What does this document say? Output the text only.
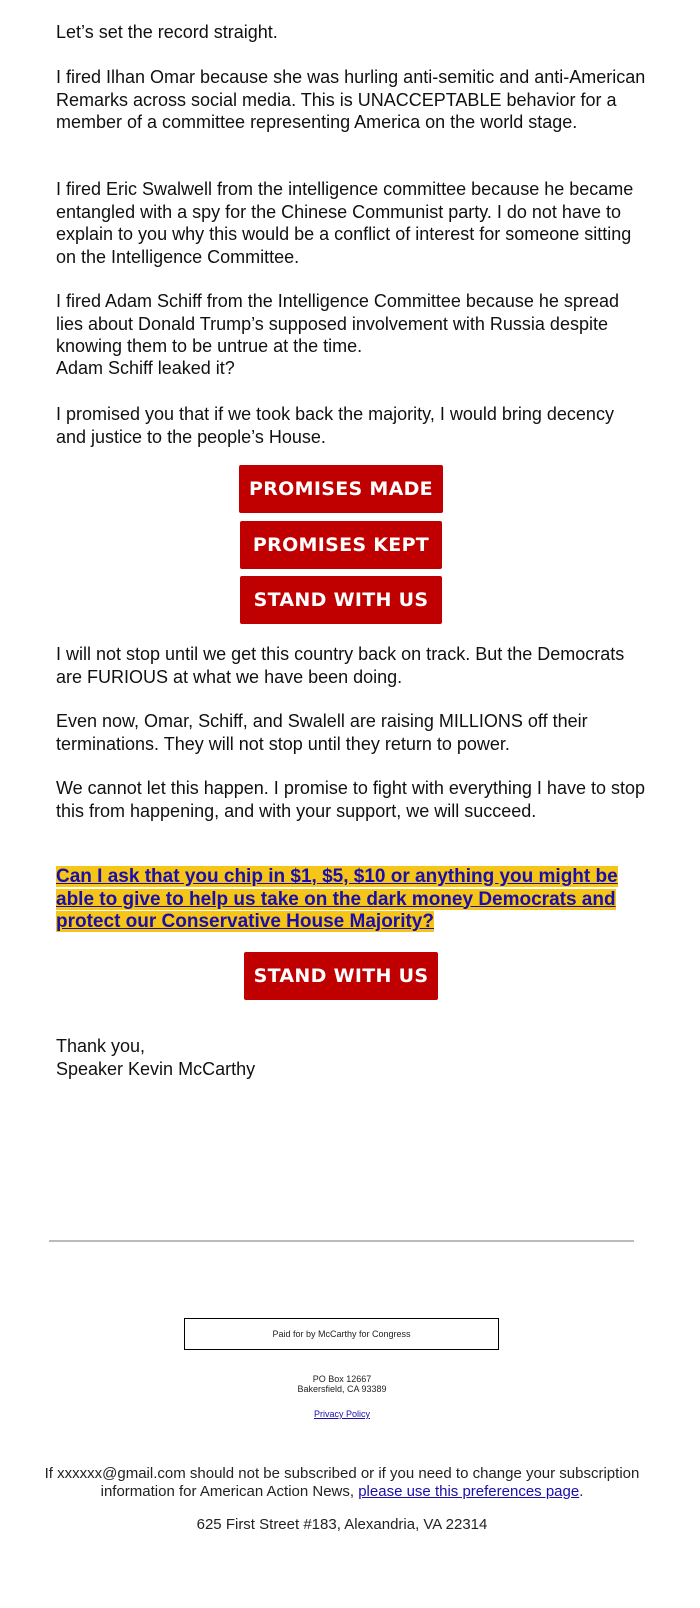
Let’s set the record straight.

I fired Ilhan Omar because she was hurling anti-semitic and anti-American Remarks across social media. This is UNACCEPTABLE behavior for a member of a committee representing America on the world stage.

I fired Eric Swalwell from the intelligence committee because he became entangled with a spy for the Chinese Communist party. I do not have to explain to you why this would be a conflict of interest for someone sitting on the Intelligence Committee.

I fired Adam Schiff from the Intelligence Committee because he spread lies about Donald Trump’s supposed involvement with Russia despite knowing them to be untrue at the time.

Adam Schiff leaked it?

I promised you that if we took back the majority, I would bring decency and justice to the people’s House.

I will not stop until we get this country back on track. But the Democrats are FURIOUS at what we have been doing.

Even now, Omar, Schiff, and Swalell are raising MILLIONS off their terminations. They will not stop until they return to power.

We cannot let this happen. I promise to fight with everything I have to stop this from happening, and with your support, we will succeed.

Can I ask that you chip in $1, $5, $10 or anything you might be able to give to help us take on the dark money Democrats and protect our Conservative House Majority?

Thank you,

Speaker Kevin McCarthy

PROMISES MADE
PROMISES KEPT
STAND WITH US
STAND WITH US
Paid for by McCarthy for Congress
PO Box 12667
Bakersfield, CA 93389
Privacy Policy
If xxxxxx@gmail.com should not be subscribed or if you need to change your subscription information for American Action News, please use this preferences page.
625 First Street #183, Alexandria, VA 22314
